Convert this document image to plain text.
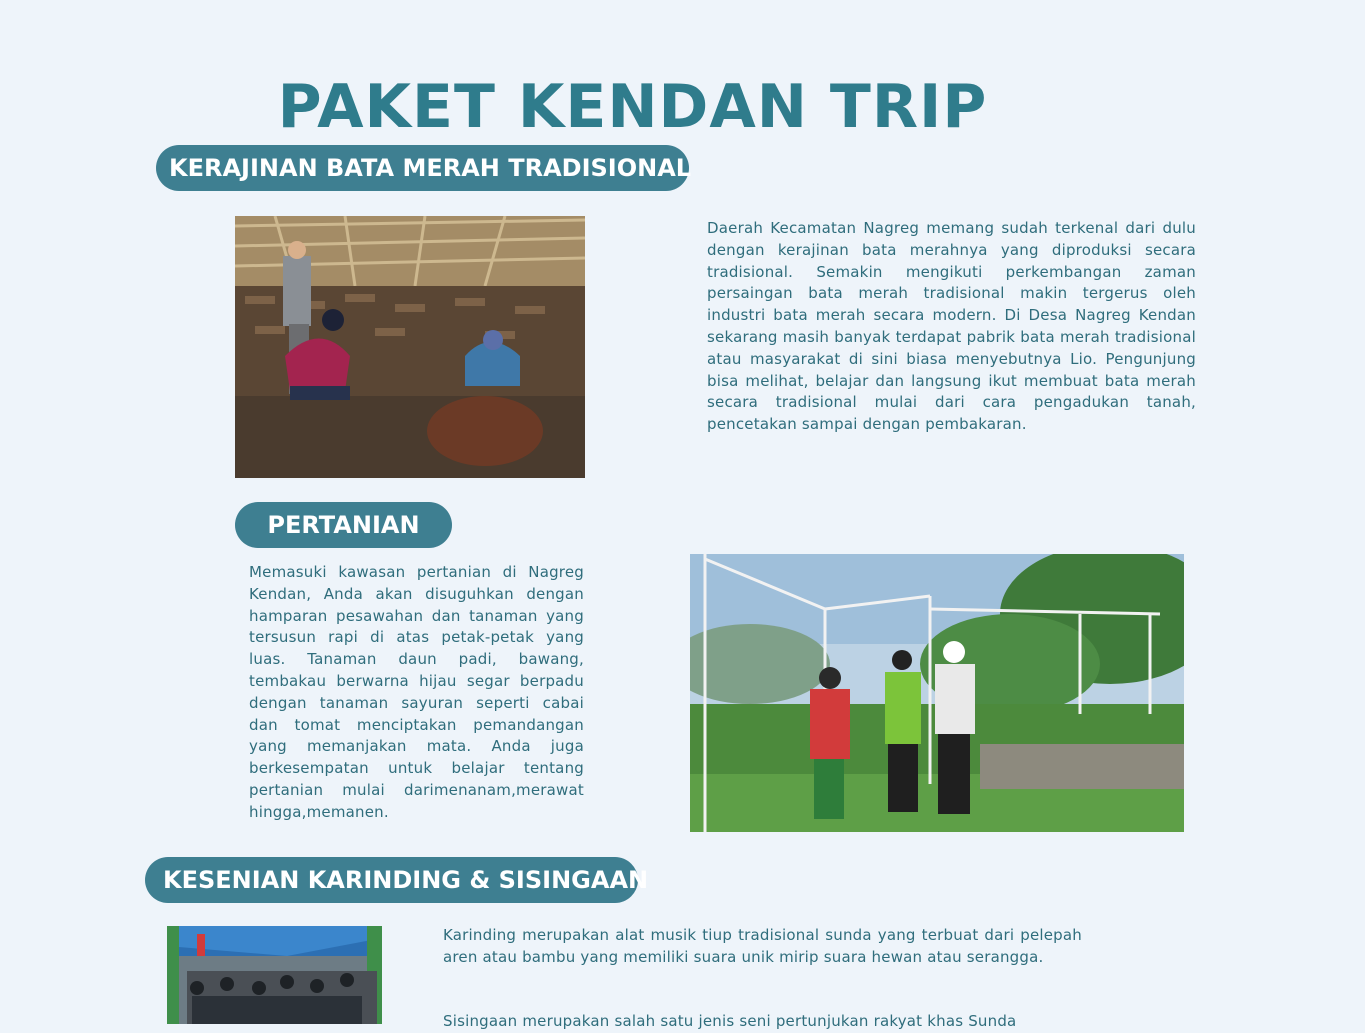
PAKET KENDAN TRIP
KERAJINAN BATA MERAH TRADISIONAL

Daerah Kecamatan Nagreg memang sudah terkenal dari dulu dengan kerajinan bata merahnya yang diproduksi secara tradisional. Semakin mengikuti perkembangan zaman persaingan bata merah tradisional makin tergerus oleh industri bata merah secara modern. Di Desa Nagreg Kendan sekarang masih banyak terdapat pabrik bata merah tradisional atau masyarakat di sini biasa menyebutnya Lio. Pengunjung bisa melihat, belajar dan langsung ikut membuat bata merah secara tradisional mulai dari cara pengadukan tanah, pencetakan sampai dengan pembakaran.

PERTANIAN

Memasuki kawasan pertanian di Nagreg Kendan, Anda akan disuguhkan dengan hamparan pesawahan dan tanaman yang tersusun rapi di atas petak-petak yang luas. Tanaman daun padi, bawang, tembakau berwarna hijau segar berpadu dengan tanaman sayuran seperti cabai dan tomat menciptakan pemandangan yang memanjakan mata. Anda juga berkesempatan untuk belajar tentang pertanian mulai darimenanam,merawat hingga,memanen.

KESENIAN KARINDING & SISINGAAN

Karinding merupakan alat musik tiup tradisional sunda yang terbuat dari pelepah aren atau bambu yang memiliki suara unik mirip suara hewan atau serangga.

Sisingaan merupakan salah satu jenis seni pertunjukan rakyat khas Sunda
